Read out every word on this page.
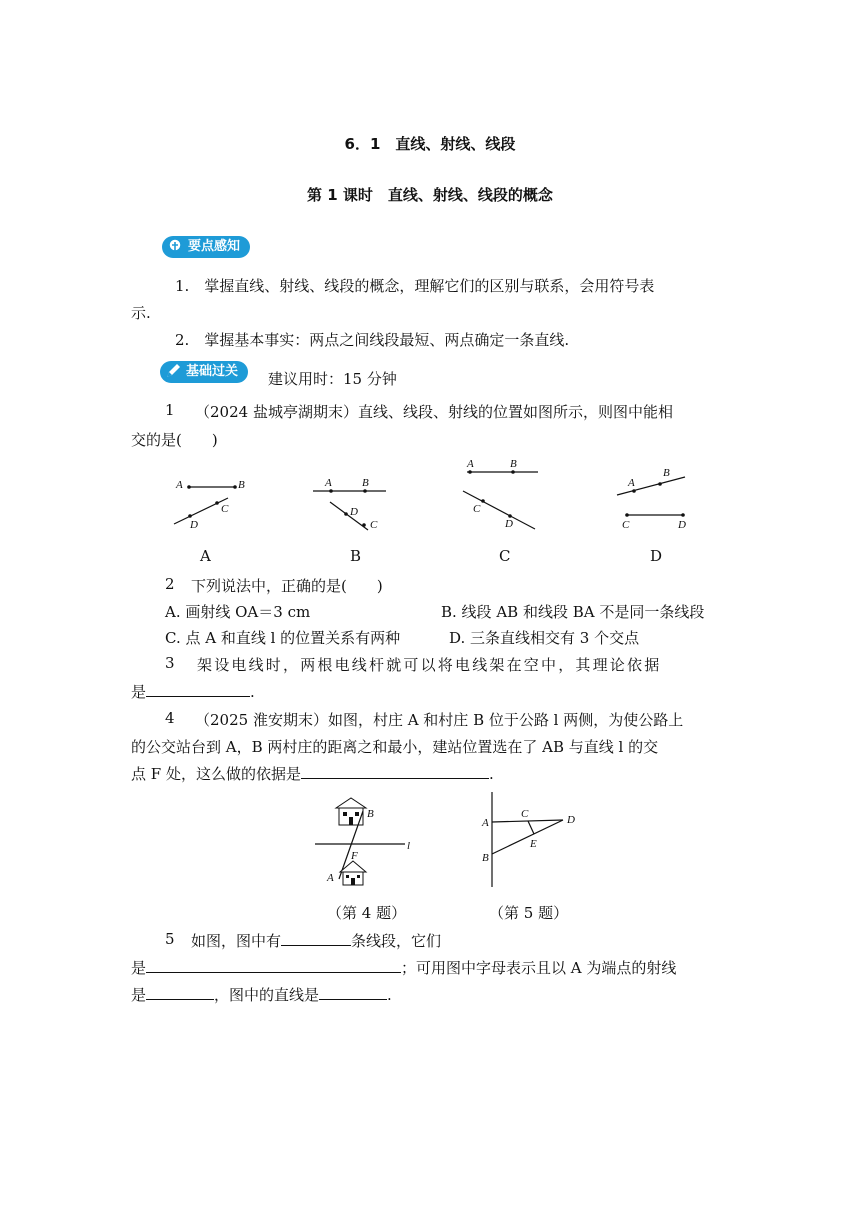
6．1　直线、射线、线段
第 1 课时　直线、射线、线段的概念
要点感知
1.　掌握直线、射线、线段的概念，理解它们的区别与联系，会用符号表
示.
2.　掌握基本事实：两点之间线段最短、两点确定一条直线.
基础过关	建议用时：15 分钟
1 （2024 盐城亭湖期末）直线、线段、射线的位置如图所示，则图中能相
交的是(　　)
A	B
D
C
A	B
D
C
A	B
C
D
A
B
C	D
A	B	C	D
2 下列说法中，正确的是(　　)
A. 画射线 OA＝3 cm	B. 线段 AB 和线段 BA 不是同一条线段
C. 点 A 和直线 l 的位置关系有两种	D. 三条直线相交有 3 个交点
3 架设电线时，两根电线杆就可以将电线架在空中，其理论依据
是	.
4 （2025 淮安期末）如图，村庄 A 和村庄 B 位于公路 l 两侧，为使公路上
的公交站台到 A，B 两村庄的距离之和最小，建站位置选在了 AB 与直线 l 的交
点 F 处，这么做的依据是	.
B
l
F
A
A
B
C	D
E
（第 4 题）	（第 5 题）
5 如图，图中有	条线段，它们
是	；可用图中字母表示且以 A 为端点的射线
是	，图中的直线是	.
